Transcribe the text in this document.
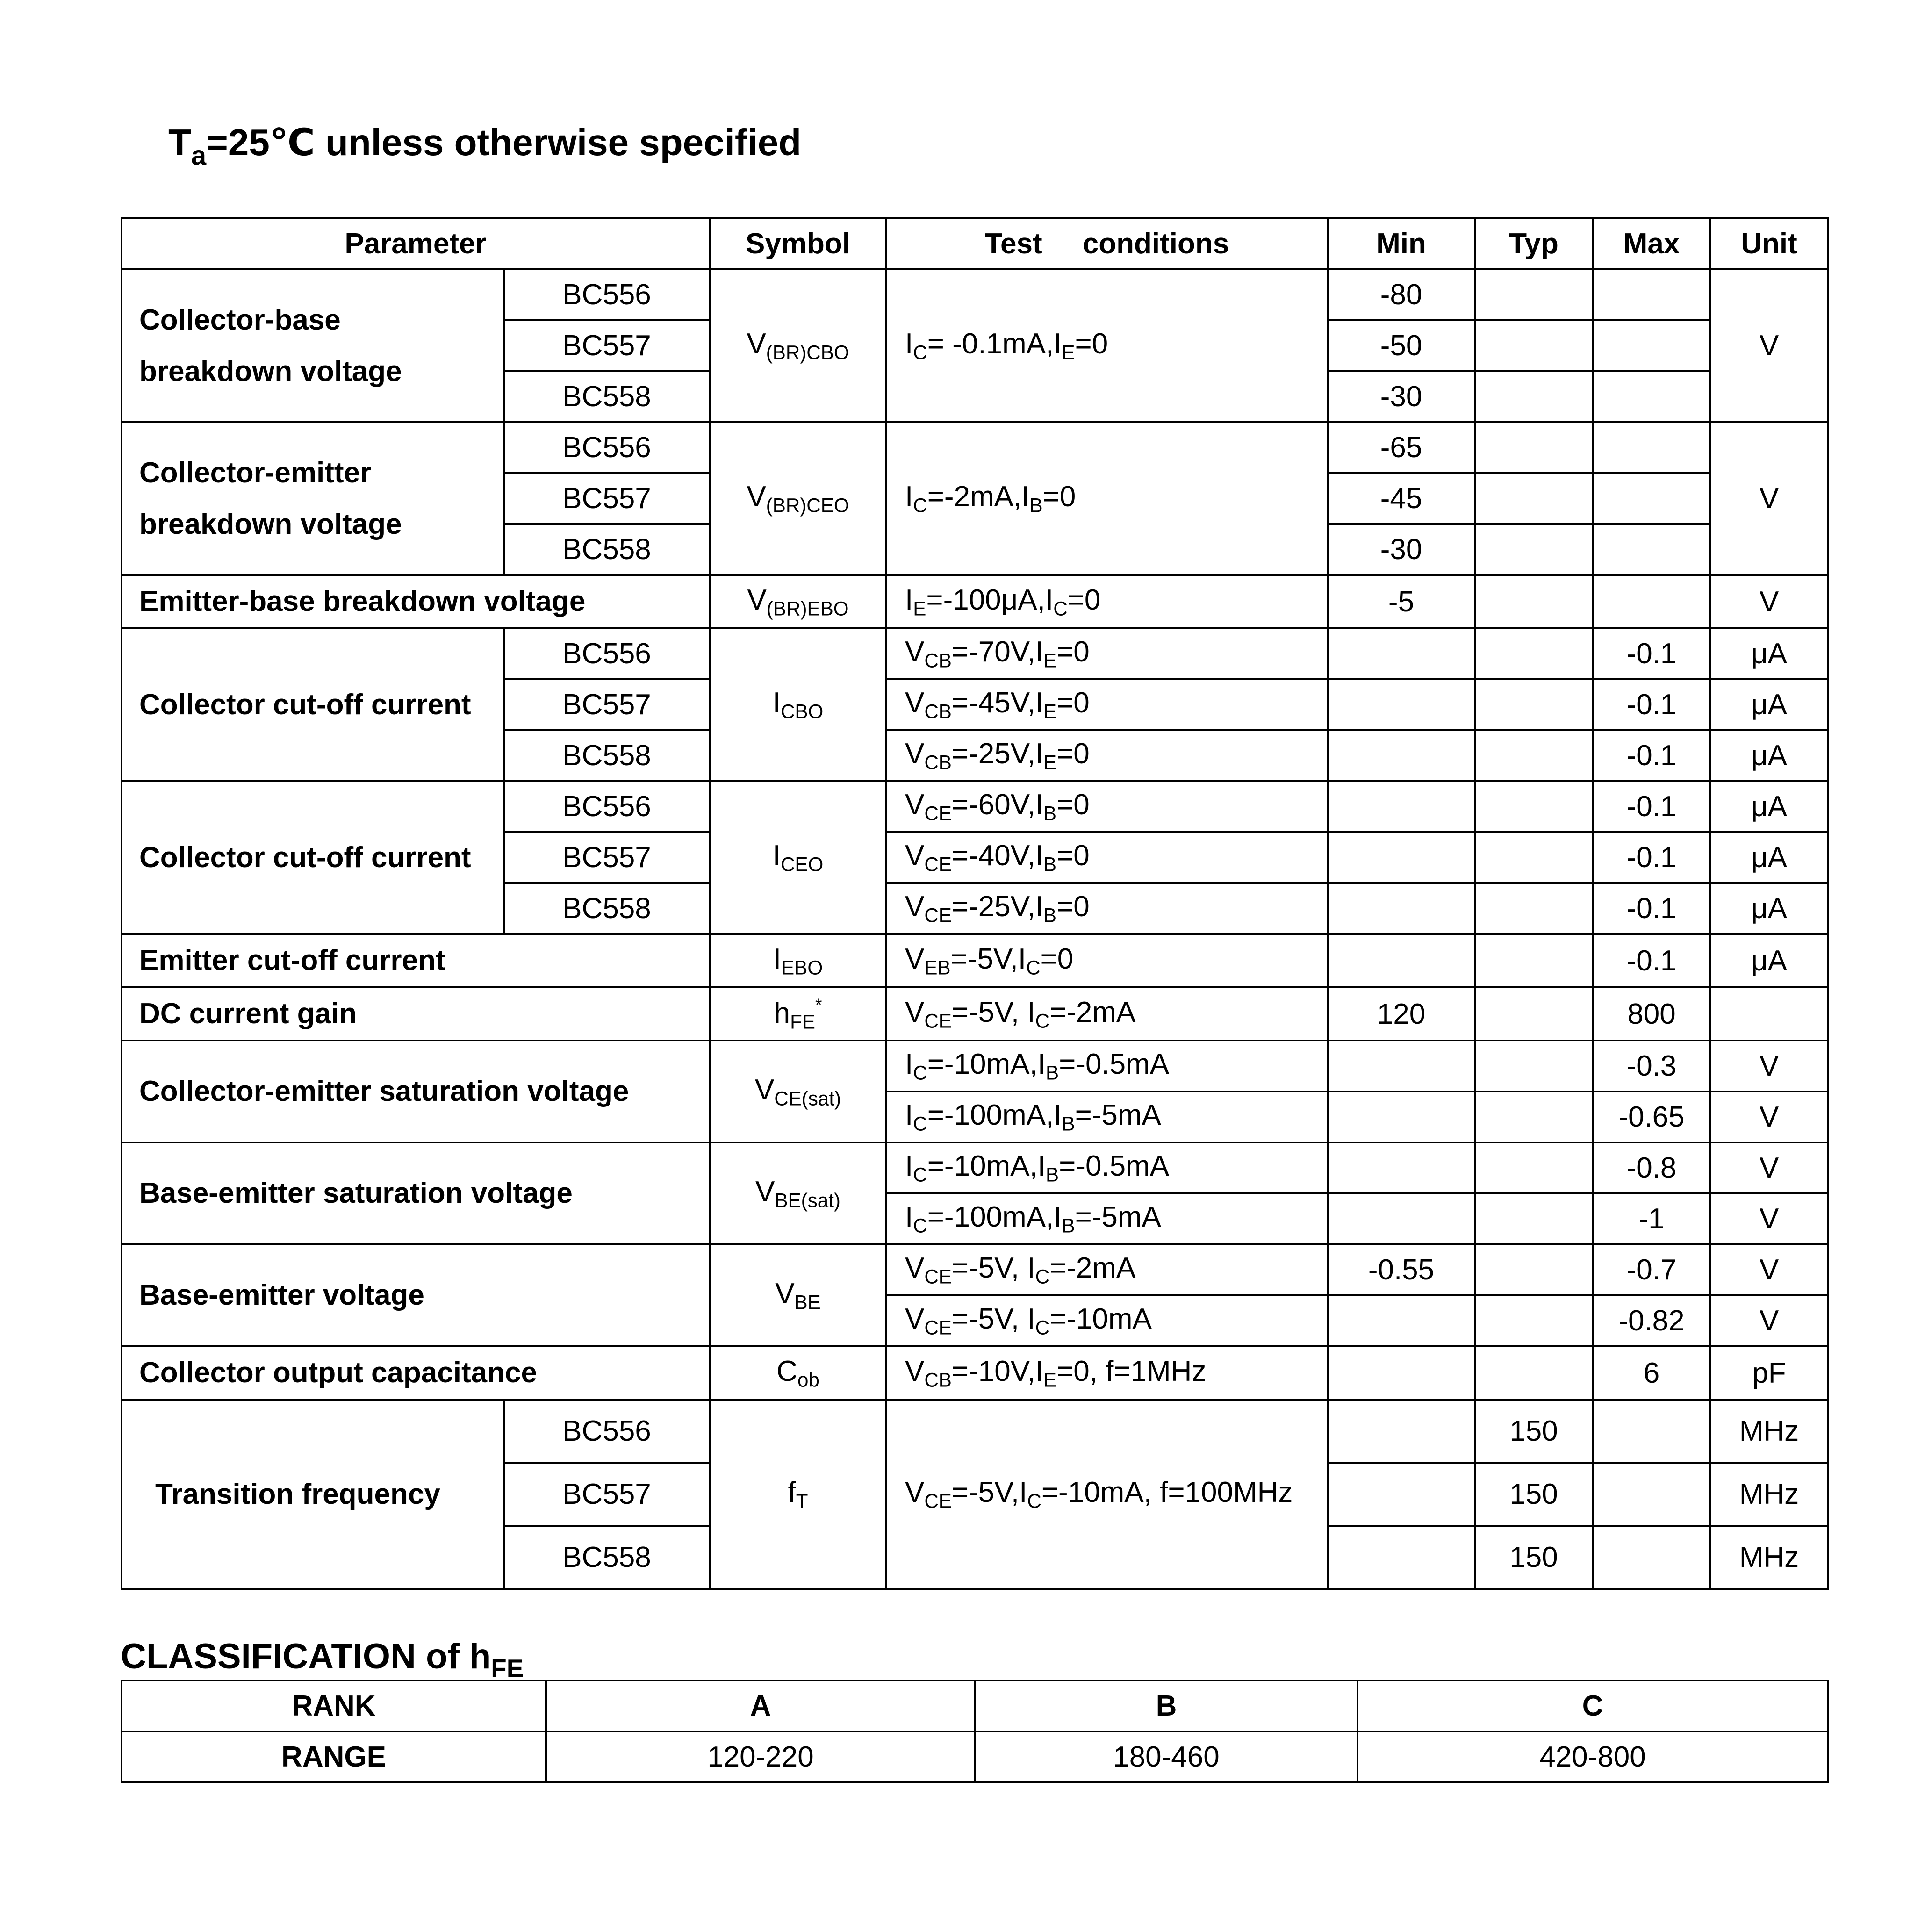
$T_a=25℃$ unless otherwise specified
Parameter		Symbol	Test conditions	Min	Typ	Max	Unit
Collector-base
breakdown voltage	BC556	$V_{(BR)CBO}$	$I_C= -0.1mA,I_E=0$	-80			V
	BC557			-50			
	BC558			-30			
Collector-emitter
breakdown voltage	BC556	$V_{(BR)CEO}$	$I_C=-2mA,I_B=0$	-65			V
	BC557			-45			
	BC558			-30			
Emitter-base breakdown voltage		$V_{(BR)EBO}$	$I_E=-100\mu A,I_C=0$	-5			V
Collector cut-off current	BC556	$I_{CBO}$	$V_{CB}=-70V,I_E=0$			-0.1	μA
	BC557		$V_{CB}=-45V,I_E=0$			-0.1	μA
	BC558		$V_{CB}=-25V,I_E=0$			-0.1	μA
Collector cut-off current	BC556	$I_{CEO}$	$V_{CE}=-60V,I_B=0$			-0.1	μA
	BC557		$V_{CE}=-40V,I_B=0$			-0.1	μA
	BC558		$V_{CE}=-25V,I_B=0$			-0.1	μA
Emitter cut-off current		$I_{EBO}$	$V_{EB}=-5V,I_C=0$			-0.1	μA
DC current gain		$h_{FE}^*$	$V_{CE}=-5V$, $I_C=-2mA$	120		800	
Collector-emitter saturation voltage		$V_{CE(sat)}$	$I_C=-10mA,I_B=-0.5mA$			-0.3	V
			$I_C=-100mA,I_B=-5mA$			-0.65	V
Base-emitter saturation voltage		$V_{BE(sat)}$	$I_C=-10mA,I_B=-0.5mA$			-0.8	V
			$I_C=-100mA,I_B=-5mA$			-1	V
Base-emitter voltage		$V_{BE}$	$V_{CE}=-5V$, $I_C=-2mA$	-0.55		-0.7	V
			$V_{CE}=-5V$, $I_C=-10mA$			-0.82	V
Collector output capacitance		$C_{ob}$	$V_{CB}=-10V,I_E=0$, f=1MHz			6	pF
Transition frequency	BC556	$f_T$	$V_{CE}=-5V,I_C=-10mA$, f=100MHz		150		MHz
	BC557				150		MHz
	BC558				150		MHz
CLASSIFICATION of $h_{FE}$
RANK	A	B	C
RANGE	120-220	180-460	420-800
